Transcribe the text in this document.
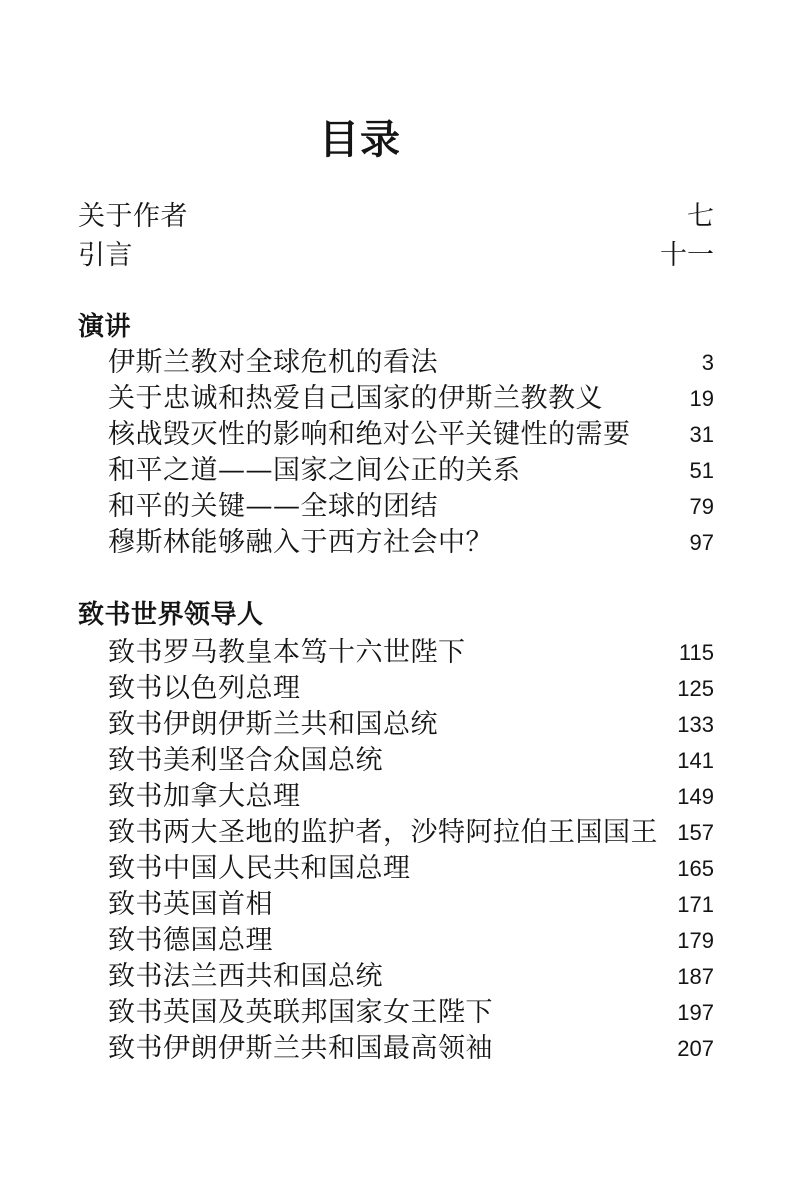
目录
关于作者	七
引言	十一
演讲
伊斯兰教对全球危机的看法	3
关于忠诚和热爱自己国家的伊斯兰教教义	19
核战毁灭性的影响和绝对公平关键性的需要	31
和平之道——国家之间公正的关系	51
和平的关键——全球的团结	79
穆斯林能够融入于西方社会中？	97
致书世界领导人
致书罗马教皇本笃十六世陛下	115
致书以色列总理	125
致书伊朗伊斯兰共和国总统	133
致书美利坚合众国总统	141
致书加拿大总理	149
致书两大圣地的监护者，沙特阿拉伯王国国王 157
致书中国人民共和国总理	165
致书英国首相	171
致书德国总理	179
致书法兰西共和国总统	187
致书英国及英联邦国家女王陛下	197
致书伊朗伊斯兰共和国最高领袖	207
